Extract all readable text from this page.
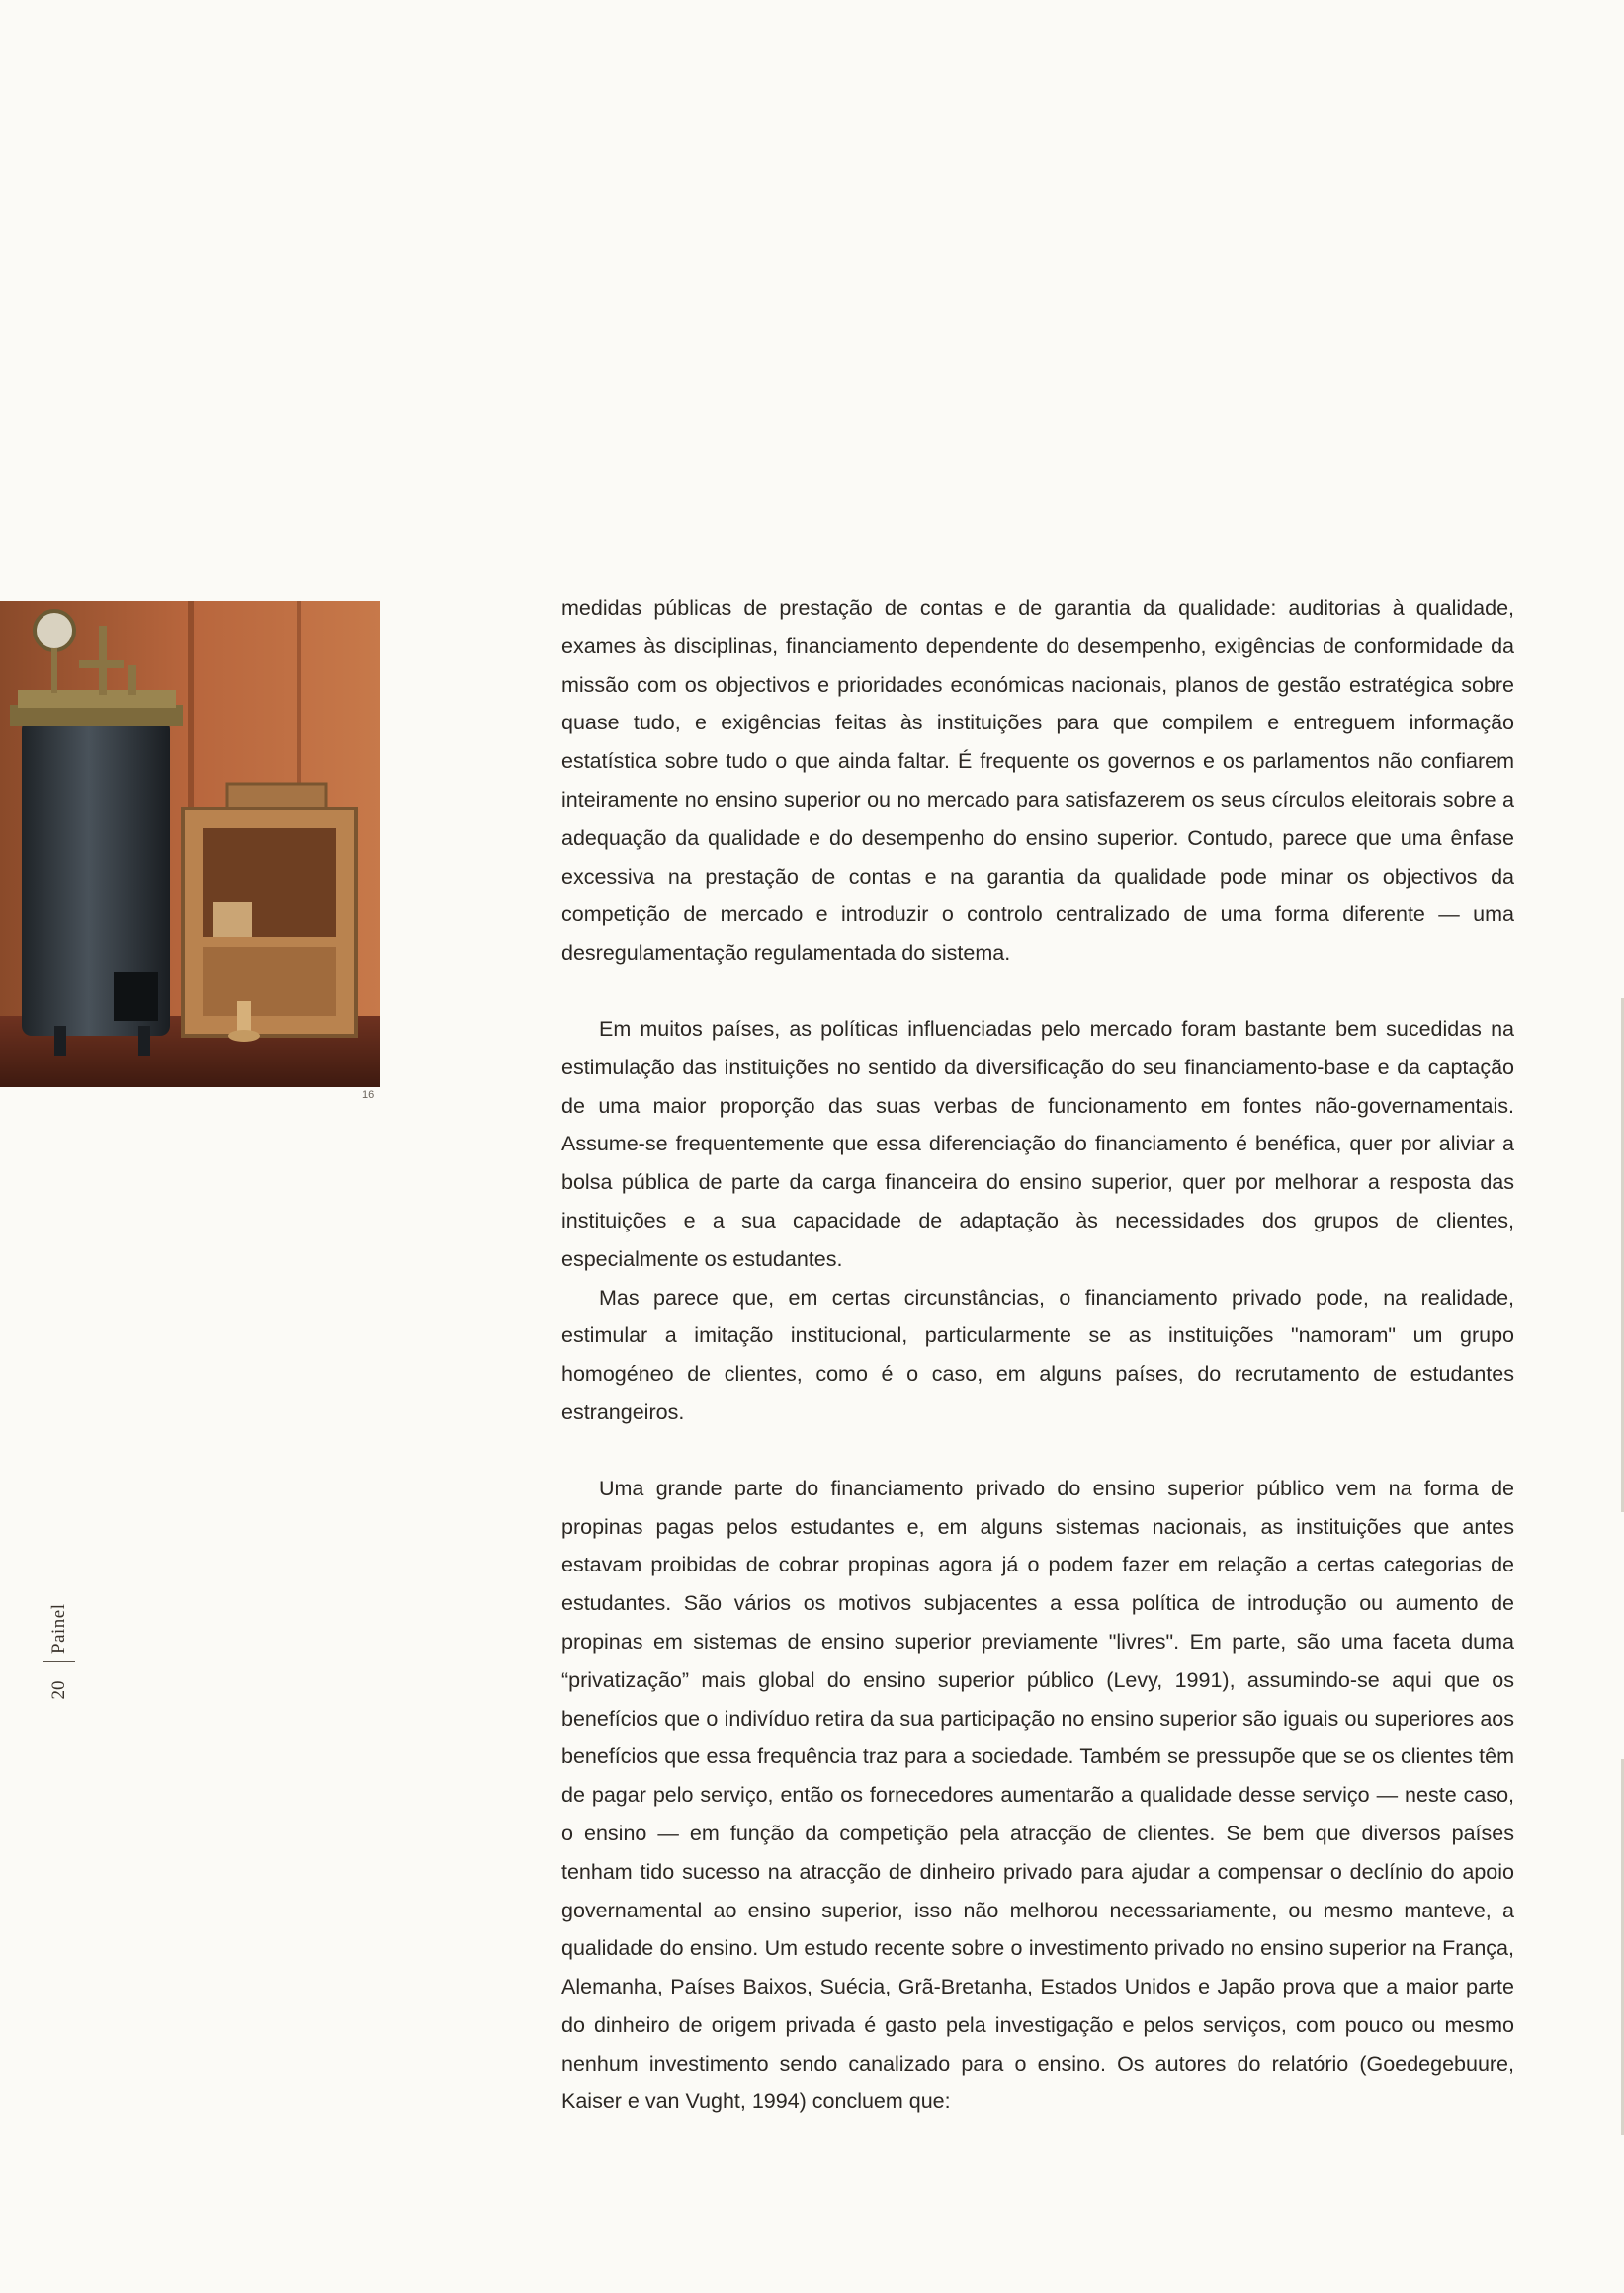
16

medidas públicas de prestação de contas e de garantia da qualidade: auditorias à qualidade, exames às disciplinas, financiamento dependente do desempenho, exigências de conformidade da missão com os objectivos e prioridades económicas nacionais, planos de gestão estratégica sobre quase tudo, e exigências feitas às instituições para que compilem e entreguem informação estatística sobre tudo o que ainda faltar. É frequente os governos e os parlamentos não confiarem inteiramente no ensino superior ou no mercado para satisfazerem os seus círculos eleitorais sobre a adequação da qualidade e do desempenho do ensino superior. Contudo, parece que uma ênfase excessiva na prestação de contas e na garantia da qualidade pode minar os objectivos da competição de mercado e introduzir o controlo centralizado de uma forma diferente — uma desregulamentação regulamentada do sistema.

Em muitos países, as políticas influenciadas pelo mercado foram bastante bem sucedidas na estimulação das instituições no sentido da diversificação do seu financiamento-base e da captação de uma maior proporção das suas verbas de funcionamento em fontes não-governamentais. Assume-se frequentemente que essa diferenciação do financiamento é benéfica, quer por aliviar a bolsa pública de parte da carga financeira do ensino superior, quer por melhorar a resposta das instituições e a sua capacidade de adaptação às necessidades dos grupos de clientes, especialmente os estudantes.

Mas parece que, em certas circunstâncias, o financiamento privado pode, na realidade, estimular a imitação institucional, particularmente se as instituições "namoram" um grupo homogéneo de clientes, como é o caso, em alguns países, do recrutamento de estudantes estrangeiros.

Uma grande parte do financiamento privado do ensino superior público vem na forma de propinas pagas pelos estudantes e, em alguns sistemas nacionais, as instituições que antes estavam proibidas de cobrar propinas agora já o podem fazer em relação a certas categorias de estudantes. São vários os motivos subjacentes a essa política de introdução ou aumento de propinas em sistemas de ensino superior previamente "livres". Em parte, são uma faceta duma “privatização” mais global do ensino superior público (Levy, 1991), assumindo-se aqui que os benefícios que o indivíduo retira da sua participação no ensino superior são iguais ou superiores aos benefícios que essa frequência traz para a sociedade. Também se pressupõe que se os clientes têm de pagar pelo serviço, então os fornecedores aumentarão a qualidade desse serviço — neste caso, o ensino — em função da competição pela atracção de clientes. Se bem que diversos países tenham tido sucesso na atracção de dinheiro privado para ajudar a compensar o declínio do apoio governamental ao ensino superior, isso não melhorou necessariamente, ou mesmo manteve, a qualidade do ensino. Um estudo recente sobre o investimento privado no ensino superior na França, Alemanha, Países Baixos, Suécia, Grã-Bretanha, Estados Unidos e Japão prova que a maior parte do dinheiro de origem privada é gasto pela investigação e pelos serviços, com pouco ou mesmo nenhum investimento sendo canalizado para o ensino. Os autores do relatório (Goedegebuure, Kaiser e van Vught, 1994) concluem que:

20
Painel
